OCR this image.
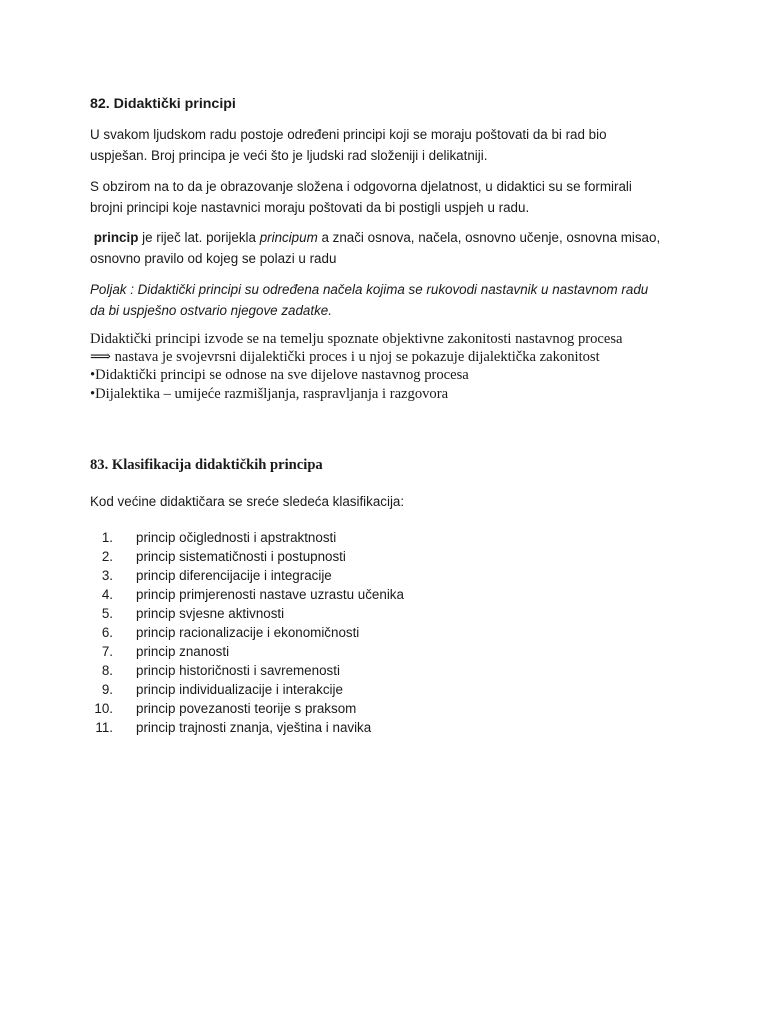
82. Didaktički principi

U svakom ljudskom radu postoje određeni principi koji se moraju poštovati da bi rad bio
uspješan. Broj principa je veći što je ljudski rad složeniji i delikatniji.

S obzirom na to da je obrazovanje složena i odgovorna djelatnost, u didaktici su se formirali
brojni principi koje nastavnici moraju poštovati da bi postigli uspjeh u radu.

princip je riječ lat. porijekla principum a znači osnova, načela, osnovno učenje, osnovna misao,
osnovno pravilo od kojeg se polazi u radu

Poljak : Didaktički principi su određena načela kojima se rukovodi nastavnik u nastavnom radu
da bi uspješno ostvario njegove zadatke.

Didaktički principi izvode se na temelju spoznate objektivne zakonitosti nastavnog procesa
⟹ nastava je svojevrsni dijalektički proces i u njoj se pokazuje dijalektička zakonitost
•Didaktički principi se odnose na sve dijelove nastavnog procesa
•Dijalektika – umijeće razmišljanja, raspravljanja i razgovora

83. Klasifikacija didaktičkih principa
Kod većine didaktičara se sreće sledeća klasifikacija:
1. princip očiglednosti i apstraktnosti
2. princip sistematičnosti i postupnosti
3. princip diferencijacije i integracije
4. princip primjerenosti nastave uzrastu učenika
5. princip svjesne aktivnosti
6. princip racionalizacije i ekonomičnosti
7. princip znanosti
8. princip historičnosti i savremenosti
9. princip individualizacije i interakcije
10. princip povezanosti teorije s praksom
11. princip trajnosti znanja, vještina i navika
